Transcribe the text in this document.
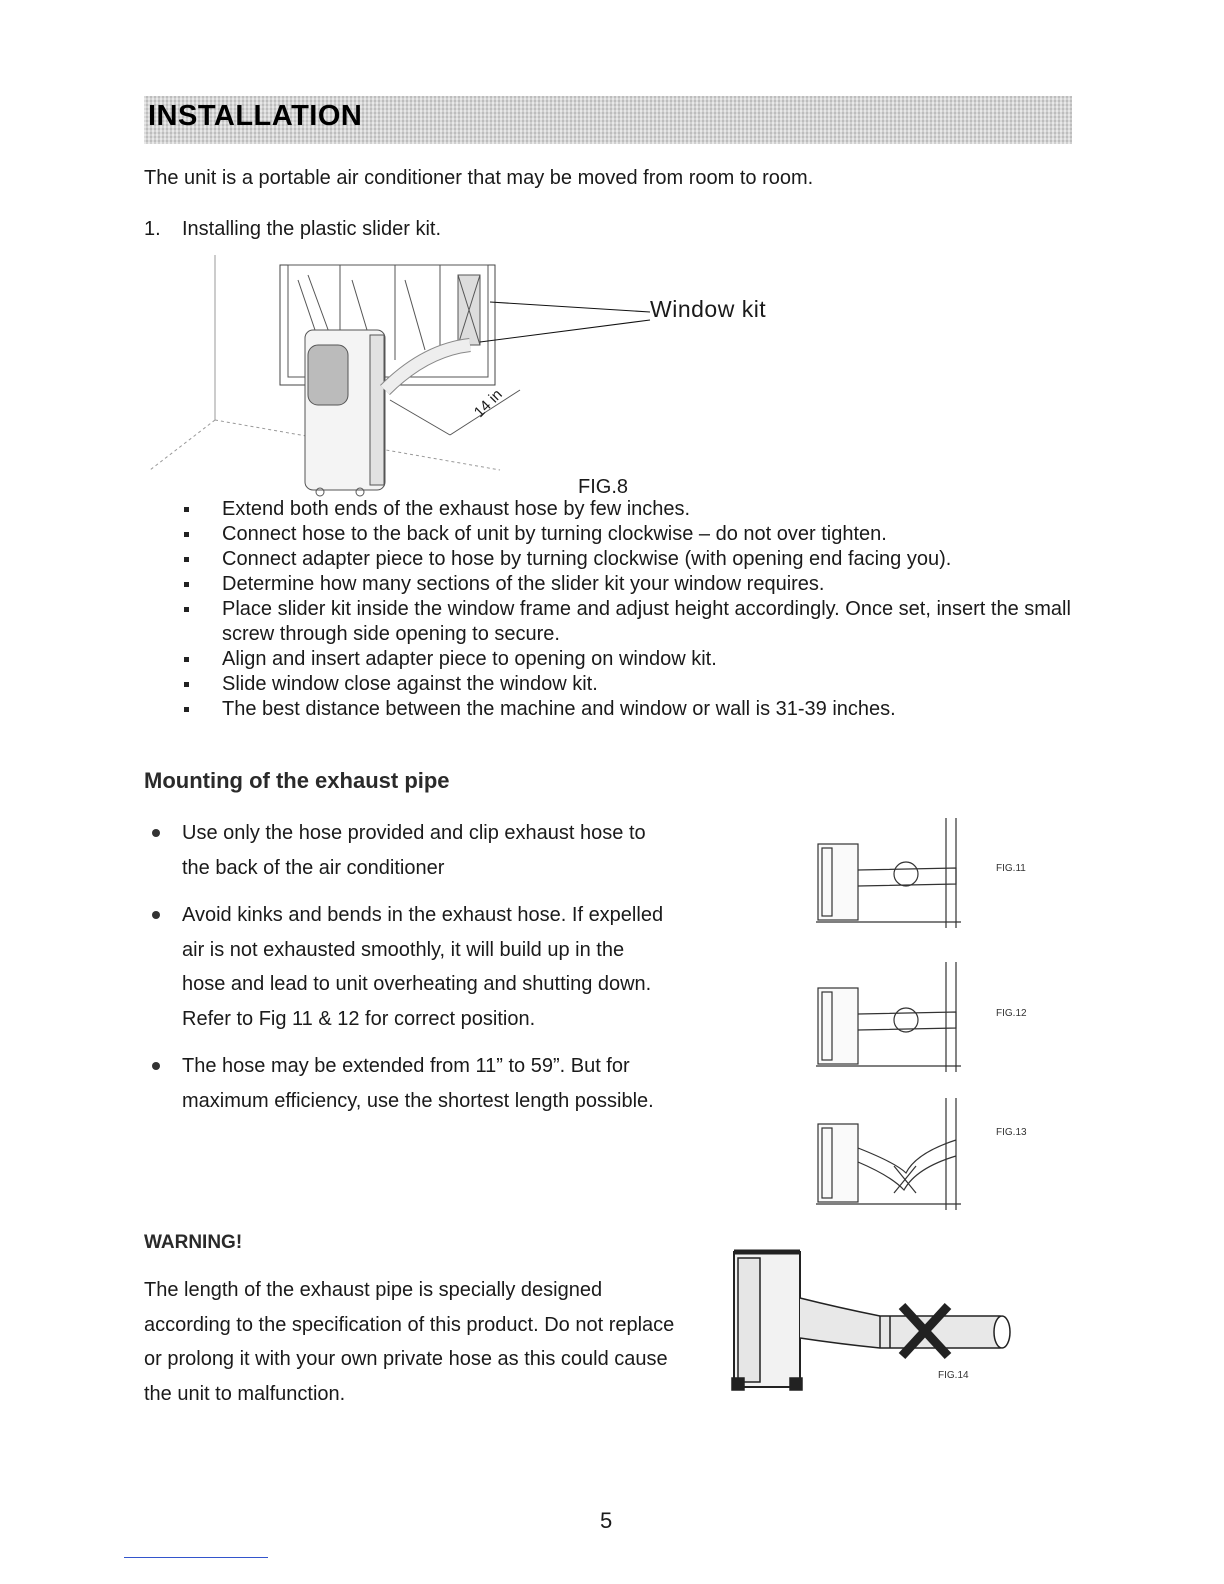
INSTALLATION
The unit is a portable air conditioner that may be moved from room to room.
1. Installing the plastic slider kit.
Window kit
14 in
FIG.8
Extend both ends of the exhaust hose by few inches.
Connect hose to the back of unit by turning clockwise – do not over tighten.
Connect adapter piece to hose by turning clockwise (with opening end facing you).
Determine how many sections of the slider kit your window requires.
Place slider kit inside the window frame and adjust height accordingly. Once set, insert the small screw through side opening to secure.
Align and insert adapter piece to opening on window kit.
Slide window close against the window kit.
The best distance between the machine and window or wall is 31-39 inches.
Mounting of the exhaust pipe
Use only the hose provided and clip exhaust hose to the back of the air conditioner
Avoid kinks and bends in the exhaust hose. If expelled air is not exhausted smoothly, it will build up in the hose and lead to unit overheating and shutting down. Refer to Fig 11 & 12 for correct position.
The hose may be extended from 11” to 59”. But for maximum efficiency, use the shortest length possible.
FIG.11
FIG.12
FIG.13
WARNING!
The length of the exhaust pipe is specially designed according to the specification of this product. Do not replace or prolong it with your own private hose as this could cause the unit to malfunction.
FIG.14
5
